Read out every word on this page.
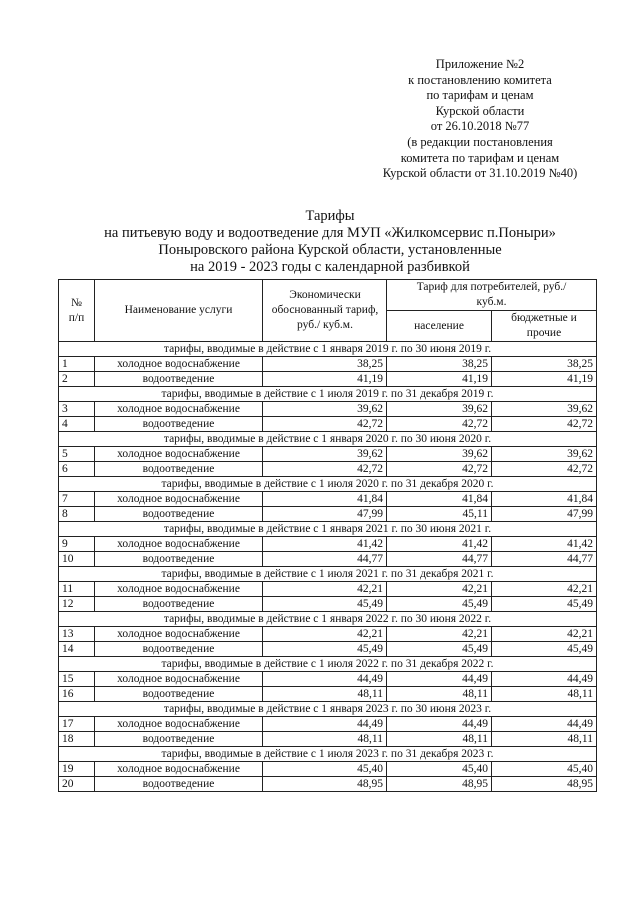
Приложение №2
к постановлению комитета
по тарифам и ценам
Курской области
от 26.10.2018 №77
(в редакции постановления
комитета по тарифам и ценам
Курской области от 31.10.2019 №40)
Тарифы
на питьевую воду и водоотведение для МУП «Жилкомсервис п.Поныри»
Поныровского района Курской области, установленные
на 2019 - 2023 годы с календарной разбивкой
№ п/п	Наименование услуги	Экономически обоснованный тариф, руб./ куб.м.	Тариф для потребителей, руб./куб.м.	

			население	бюджетные и прочие

тарифы, вводимые в действие с 1 января 2019 г. по 30 июня 2019 г.				
1	холодное водоснабжение	38,25	38,25	38,25
2	водоотведение	41,19	41,19	41,19
тарифы, вводимые в действие с 1 июля 2019 г. по 31 декабря 2019 г.				
3	холодное водоснабжение	39,62	39,62	39,62
4	водоотведение	42,72	42,72	42,72
тарифы, вводимые в действие с 1 января 2020 г. по 30 июня 2020 г.				
5	холодное водоснабжение	39,62	39,62	39,62
6	водоотведение	42,72	42,72	42,72
тарифы, вводимые в действие с 1 июля 2020 г. по 31 декабря 2020 г.				
7	холодное водоснабжение	41,84	41,84	41,84
8	водоотведение	47,99	45,11	47,99
тарифы, вводимые в действие с 1 января 2021 г. по 30 июня 2021 г.				
9	холодное водоснабжение	41,42	41,42	41,42
10	водоотведение	44,77	44,77	44,77
тарифы, вводимые в действие с 1 июля 2021 г. по 31 декабря 2021 г.				
11	холодное водоснабжение	42,21	42,21	42,21
12	водоотведение	45,49	45,49	45,49
тарифы, вводимые в действие с 1 января 2022 г. по 30 июня 2022 г.				
13	холодное водоснабжение	42,21	42,21	42,21
14	водоотведение	45,49	45,49	45,49
тарифы, вводимые в действие с 1 июля 2022 г. по 31 декабря 2022 г.				
15	холодное водоснабжение	44,49	44,49	44,49
16	водоотведение	48,11	48,11	48,11
тарифы, вводимые в действие с 1 января 2023 г. по 30 июня 2023 г.				
17	холодное водоснабжение	44,49	44,49	44,49
18	водоотведение	48,11	48,11	48,11
тарифы, вводимые в действие с 1 июля 2023 г. по 31 декабря 2023 г.				
19	холодное водоснабжение	45,40	45,40	45,40
20	водоотведение	48,95	48,95	48,95
